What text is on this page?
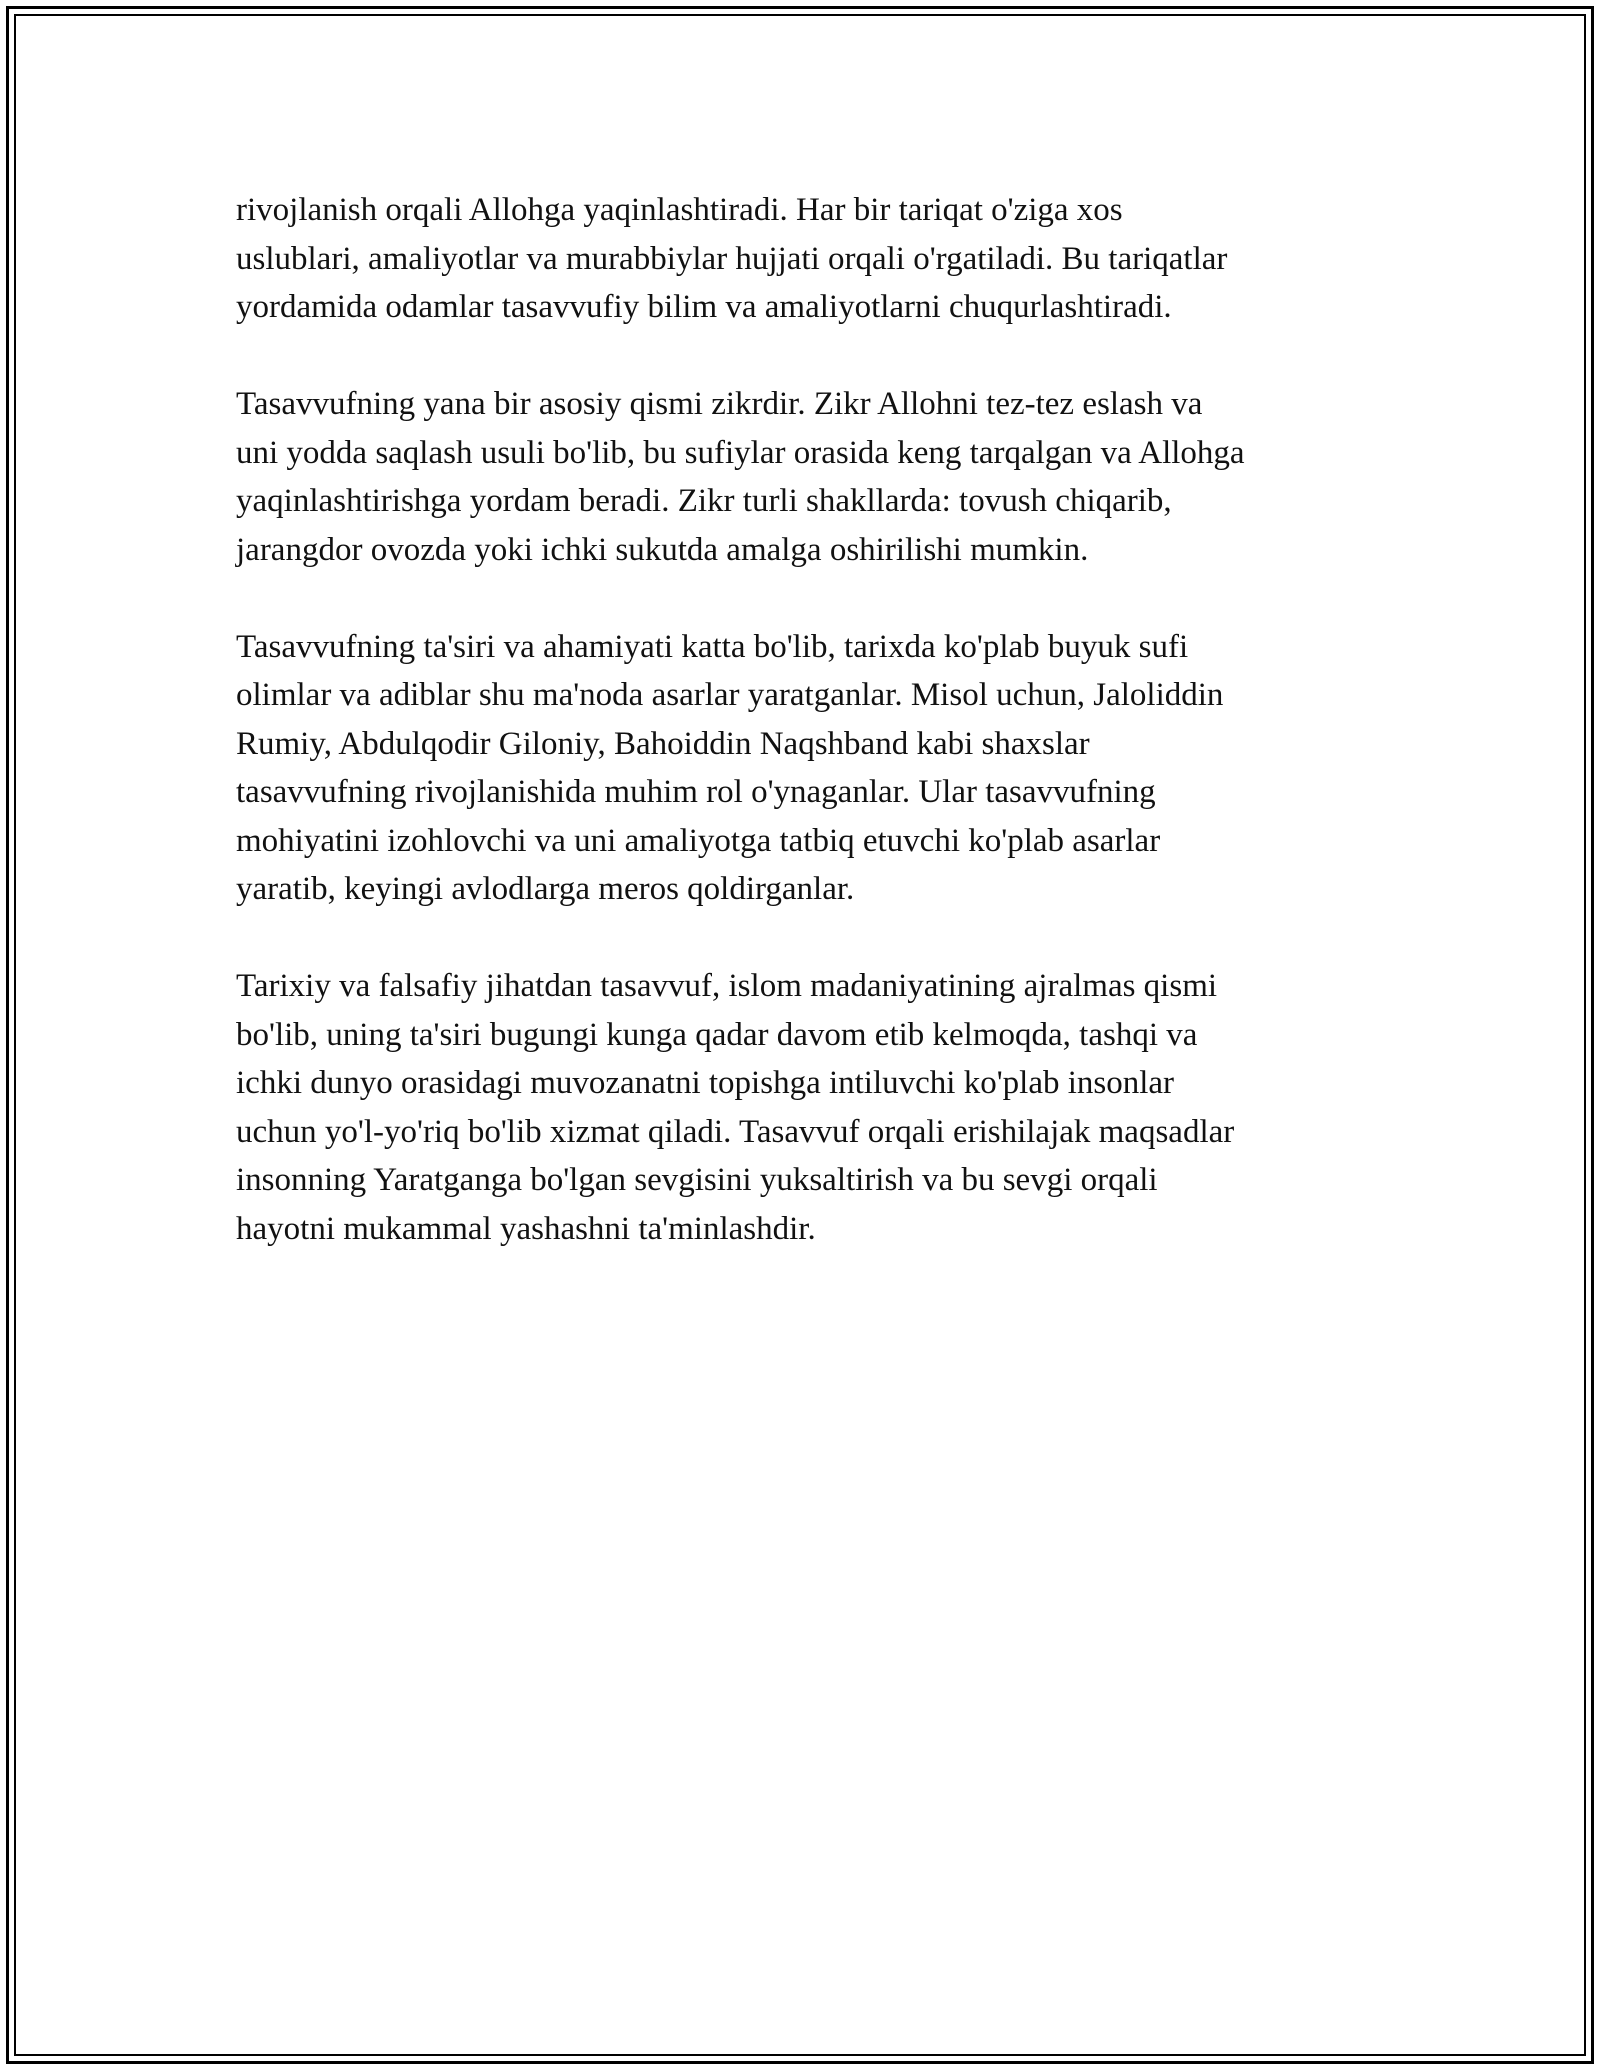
rivojlanish orqali Allohga yaqinlashtiradi. Har bir tariqat o'ziga xos
uslublari, amaliyotlar va murabbiylar hujjati orqali o'rgatiladi. Bu tariqatlar
yordamida odamlar tasavvufiy bilim va amaliyotlarni chuqurlashtiradi.

Tasavvufning yana bir asosiy qismi zikrdir. Zikr Allohni tez-tez eslash va
uni yodda saqlash usuli bo'lib, bu sufiylar orasida keng tarqalgan va Allohga
yaqinlashtirishga yordam beradi. Zikr turli shakllarda: tovush chiqarib,
jarangdor ovozda yoki ichki sukutda amalga oshirilishi mumkin.

Tasavvufning ta'siri va ahamiyati katta bo'lib, tarixda ko'plab buyuk sufi
olimlar va adiblar shu ma'noda asarlar yaratganlar. Misol uchun, Jaloliddin
Rumiy, Abdulqodir Giloniy, Bahoiddin Naqshband kabi shaxslar
tasavvufning rivojlanishida muhim rol o'ynaganlar. Ular tasavvufning
mohiyatini izohlovchi va uni amaliyotga tatbiq etuvchi ko'plab asarlar
yaratib, keyingi avlodlarga meros qoldirganlar.

Tarixiy va falsafiy jihatdan tasavvuf, islom madaniyatining ajralmas qismi
bo'lib, uning ta'siri bugungi kunga qadar davom etib kelmoqda, tashqi va
ichki dunyo orasidagi muvozanatni topishga intiluvchi ko'plab insonlar
uchun yo'l-yo'riq bo'lib xizmat qiladi. Tasavvuf orqali erishilajak maqsadlar
insonning Yaratganga bo'lgan sevgisini yuksaltirish va bu sevgi orqali
hayotni mukammal yashashni ta'minlashdir.
